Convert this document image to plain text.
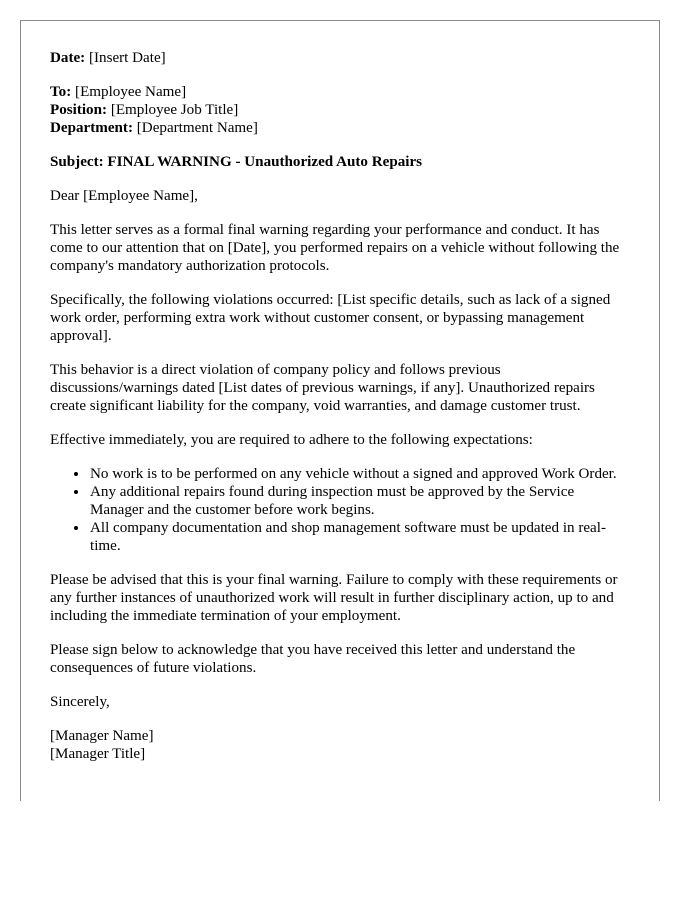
Date: [Insert Date]

To: [Employee Name]
Position: [Employee Job Title]
Department: [Department Name]

Subject: FINAL WARNING - Unauthorized Auto Repairs

Dear [Employee Name],

This letter serves as a formal final warning regarding your performance and conduct. It has come to our attention that on [Date], you performed repairs on a vehicle without following the company's mandatory authorization protocols.

Specifically, the following violations occurred: [List specific details, such as lack of a signed work order, performing extra work without customer consent, or bypassing management approval].

This behavior is a direct violation of company policy and follows previous discussions/warnings dated [List dates of previous warnings, if any]. Unauthorized repairs create significant liability for the company, void warranties, and damage customer trust.

Effective immediately, you are required to adhere to the following expectations:

• No work is to be performed on any vehicle without a signed and approved Work Order.
• Any additional repairs found during inspection must be approved by the Service Manager and the customer before work begins.
• All company documentation and shop management software must be updated in real-time.

Please be advised that this is your final warning. Failure to comply with these requirements or any further instances of unauthorized work will result in further disciplinary action, up to and including the immediate termination of your employment.

Please sign below to acknowledge that you have received this letter and understand the consequences of future violations.

Sincerely,

[Manager Name]
[Manager Title]
